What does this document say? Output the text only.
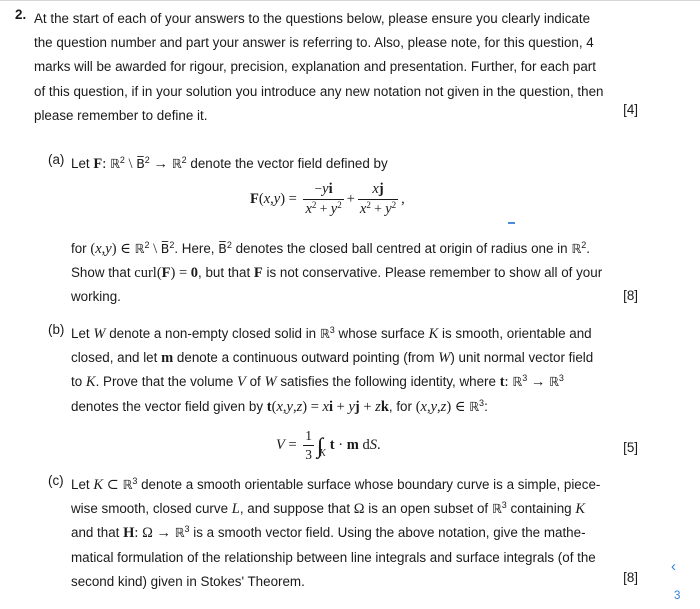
2. At the start of each of your answers to the questions below, please ensure you clearly indicate the question number and part your answer is referring to. Also, please note, for this question, 4 marks will be awarded for rigour, precision, explanation and presentation. Further, for each part of this question, if in your solution you introduce any new notation not given in the question, then please remember to define it.	[4]
(a) Let F: ℝ$^2$ \ B̅$^2$ → ℝ$^2$ denote the vector field defined by
F ( x , y ) = $\frac{-yi}{x^2 + y^2} + \frac{xj}{x^2 + y^2}$ ,
for (x,y) ∈ ℝ$^2$ \ B̅$^2$. Here, B̅$^2$ denotes the closed ball centred at origin of radius one in ℝ$^2$. Show that curl(F) = 0, but that F is not conservative. Please remember to show all of your working.	[8]
(b) Let W denote a non-empty closed solid in ℝ$^3$ whose surface K is smooth, orientable and closed, and let m denote a continuous outward pointing (from W) unit normal vector field to K. Prove that the volume V of W satisfies the following identity, where t: ℝ$^3$ → ℝ$^3$ denotes the vector field given by t(x,y,z) = xi + yj + zk, for (x,y,z) ∈ ℝ$^3$:
$V = \frac{1}{3} \int\int_K$
t · m d S .	[5]
(c) Let K ⊂ ℝ$^3$ denote a smooth orientable surface whose boundary curve is a simple, piece-wise smooth, closed curve L, and suppose that Ω is an open subset of ℝ$^3$ containing K and that H: Ω → ℝ$^3$ is a smooth vector field. Using the above notation, give the mathe-matical formulation of the relationship between line integrals and surface integrals (of the second kind) given in Stokes' Theorem.	[8]
‹
3
